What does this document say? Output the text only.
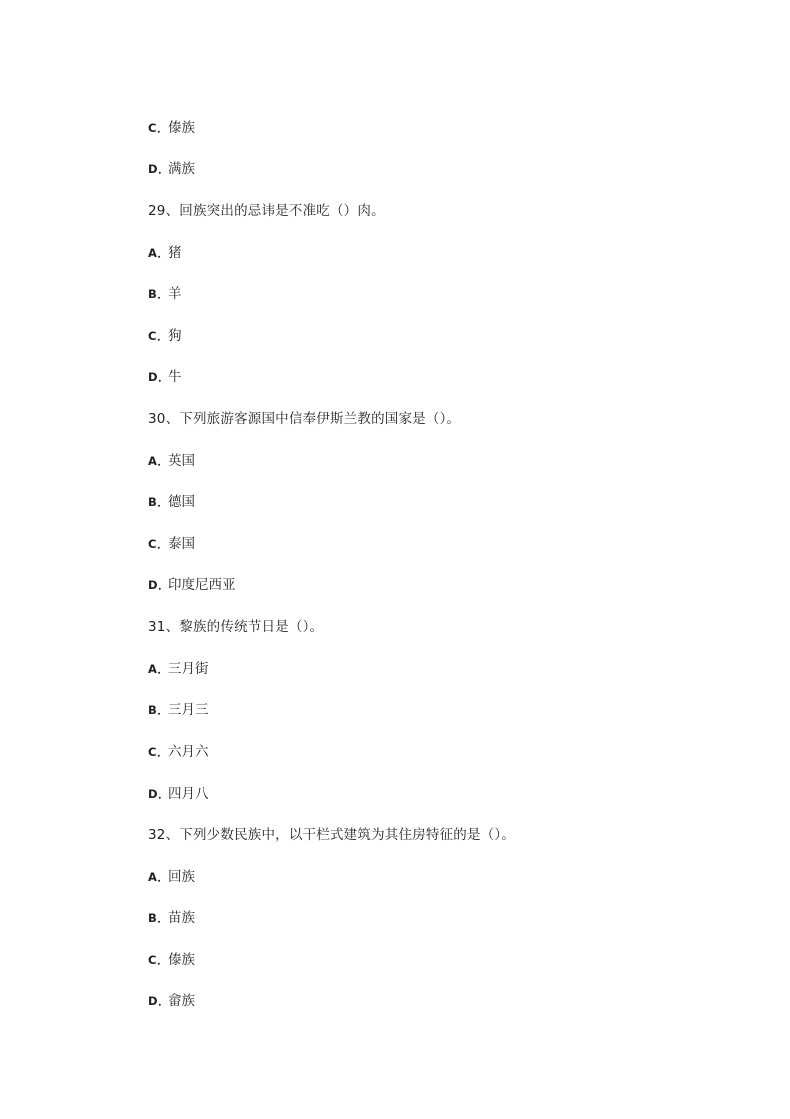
C．傣族
D．满族
29、回族突出的忌讳是不准吃（）肉。
A．猪
B．羊
C．狗
D．牛
30、下列旅游客源国中信奉伊斯兰教的国家是（）。
A．英国
B．德国
C．泰国
D．印度尼西亚
31、黎族的传统节日是（）。
A．三月街
B．三月三
C．六月六
D．四月八
32、下列少数民族中，以干栏式建筑为其住房特征的是（）。
A．回族
B．苗族
C．傣族
D．畲族
